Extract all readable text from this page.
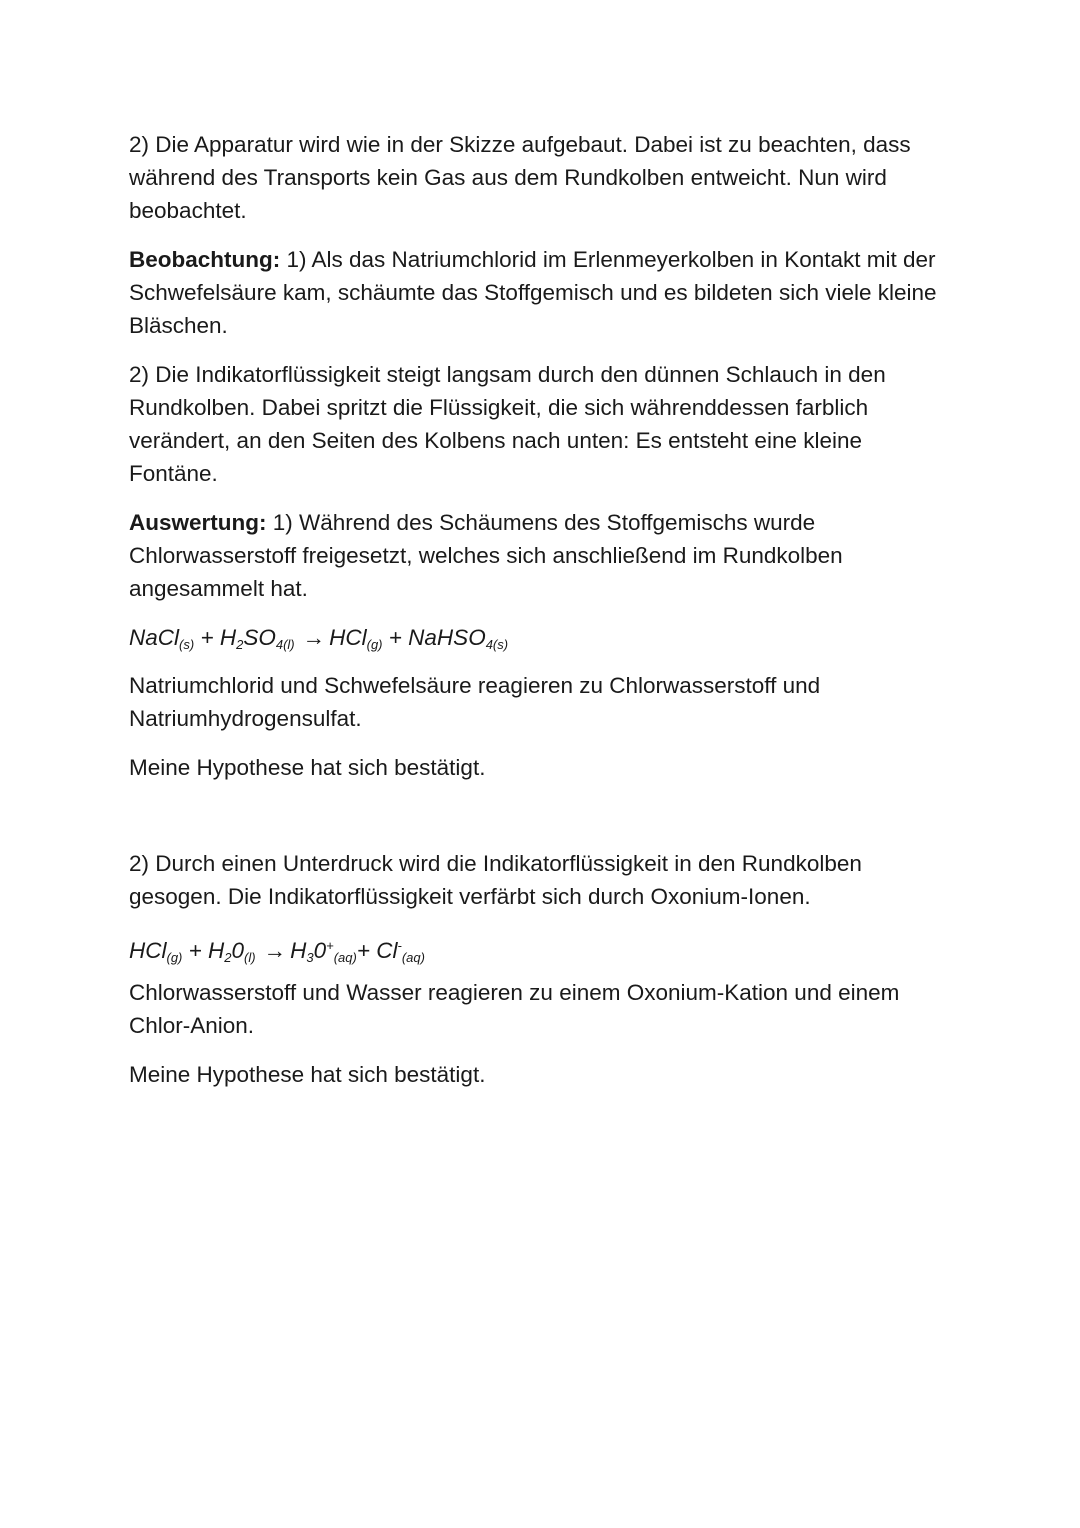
2) Die Apparatur wird wie in der Skizze aufgebaut. Dabei ist zu beachten, dass während des Transports kein Gas aus dem Rundkolben entweicht. Nun wird beobachtet.

Beobachtung: 1) Als das Natriumchlorid im Erlenmeyerkolben in Kontakt mit der Schwefelsäure kam, schäumte das Stoffgemisch und es bildeten sich viele kleine Bläschen.

2) Die Indikatorflüssigkeit steigt langsam durch den dünnen Schlauch in den Rundkolben. Dabei spritzt die Flüssigkeit, die sich währenddessen farblich verändert, an den Seiten des Kolbens nach unten: Es entsteht eine kleine Fontäne.

Auswertung: 1) Während des Schäumens des Stoffgemischs wurde Chlorwasserstoff freigesetzt, welches sich anschließend im Rundkolben angesammelt hat.

NaCl$_{(s)}$ + $H_2SO_{4(l)} \to HCl_{(g)}$ + NaHSO$_{4(s)}$

Natriumchlorid und Schwefelsäure reagieren zu Chlorwasserstoff und Natriumhydrogensulfat.

Meine Hypothese hat sich bestätigt.

2) Durch einen Unterdruck wird die Indikatorflüssigkeit in den Rundkolben gesogen. Die Indikatorflüssigkeit verfärbt sich durch Oxonium-Ionen.

$HCl_{(g)} + H_20_{(l)} \to H_30^+_{(aq)}+ Cl^-_{(aq)}$

Chlorwasserstoff und Wasser reagieren zu einem Oxonium-Kation und einem Chlor-Anion.

Meine Hypothese hat sich bestätigt.
